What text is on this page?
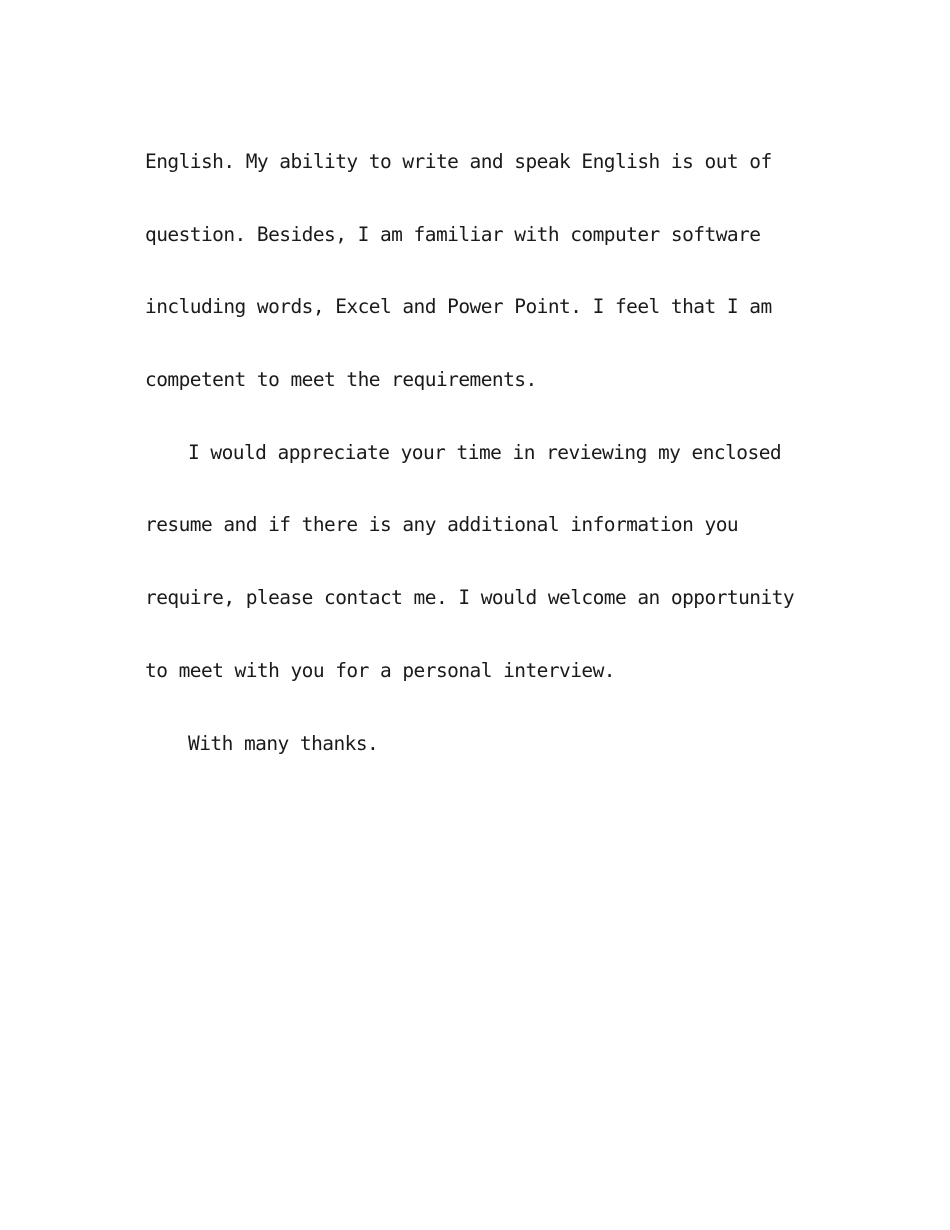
English. My ability to write and speak English is out of
question. Besides, I am familiar with computer software
including words, Excel and Power Point. I feel that I am
competent to meet the requirements.
I would appreciate your time in reviewing my enclosed
resume and if there is any additional information you
require, please contact me. I would welcome an opportunity
to meet with you for a personal interview.
With many thanks.
